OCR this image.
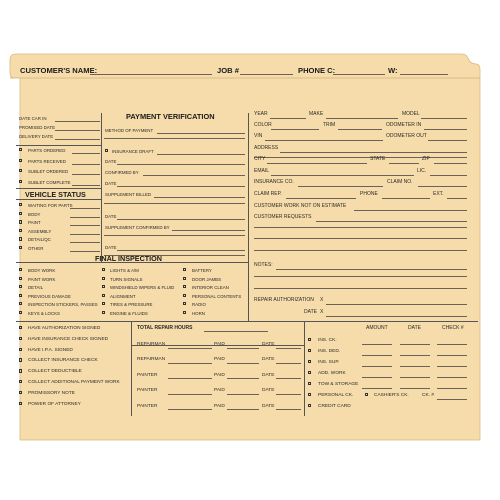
CUSTOMER'S NAME:	JOB #	PHONE C:	W:
DATE CAR IN
PROMISED DATE
DELIVERY DATE
PARTS ORDERED
PARTS RECEIVED
SUBLET ORDERED
SUBLET COMPLETE
VEHICLE STATUS
WAITING FOR PARTS
BODY
PAINT
ASSEMBLY
DETAIL/QC
OTHER
PAYMENT VERIFICATION
METHOD OF PAYMENT
INSURANCE DRAFT
DATE
CONFIRMED BY
DATE
SUPPLEMENT BILLED
DATE
SUPPLEMENT CONFIRMED BY
DATE
YEAR	MAKE	MODEL
COLOR	TRIM	ODOMETER IN
VIN	ODOMETER OUT
ADDRESS
CITY	STATE	ZIP
EMAIL	LIC.
INSURANCE CO.	CLAIM NO.
CLAIM REP.	PHONE	EXT.
CUSTOMER WORK NOT ON ESTIMATE
CUSTOMER REQUESTS
NOTES:
REPAIR AUTHORIZATION X
DATE X
FINAL INSPECTION
BODY WORK
PAINT WORK
DETAIL
PREVIOUS DAMAGE
INSPECTION STICKERS, PASSES
KEYS & LOCKS
LIGHTS & A/M
TURN SIGNALS
WINDSHIELD WIPERS & FLUID
ALIGNMENT
TIRES & PRESSURE
ENGINE & FLUIDS
BATTERY
DOOR JAMBS
INTERIOR CLEAN
PERSONAL CONTENTS
RADIO
HORN
HAVE AUTHORIZATION SIGNED
HAVE INSURANCE CHECK SIGNED
HAVE I.P.A. SIGNED
COLLECT INSURANCE CHECK
COLLECT DEDUCTIBLE
COLLECT ADDITIONAL PAYMENT WORK
PROMISSORY NOTE
POWER OF ATTORNEY
TOTAL REPAIR HOURS
REPAIRMAN	PAID	DATE
REPAIRMAN	PAID	DATE
PAINTER	PAID	DATE
PAINTER	PAID	DATE
PAINTER	PAID	DATE
AMOUNT	DATE	CHECK #
INS. CK.
INS. DED.
INS. SUP.
ADD. WORK
TOW & STORAGE
PERSONAL CK.	CASHIER'S CK.	CK. #
CREDIT CARD
